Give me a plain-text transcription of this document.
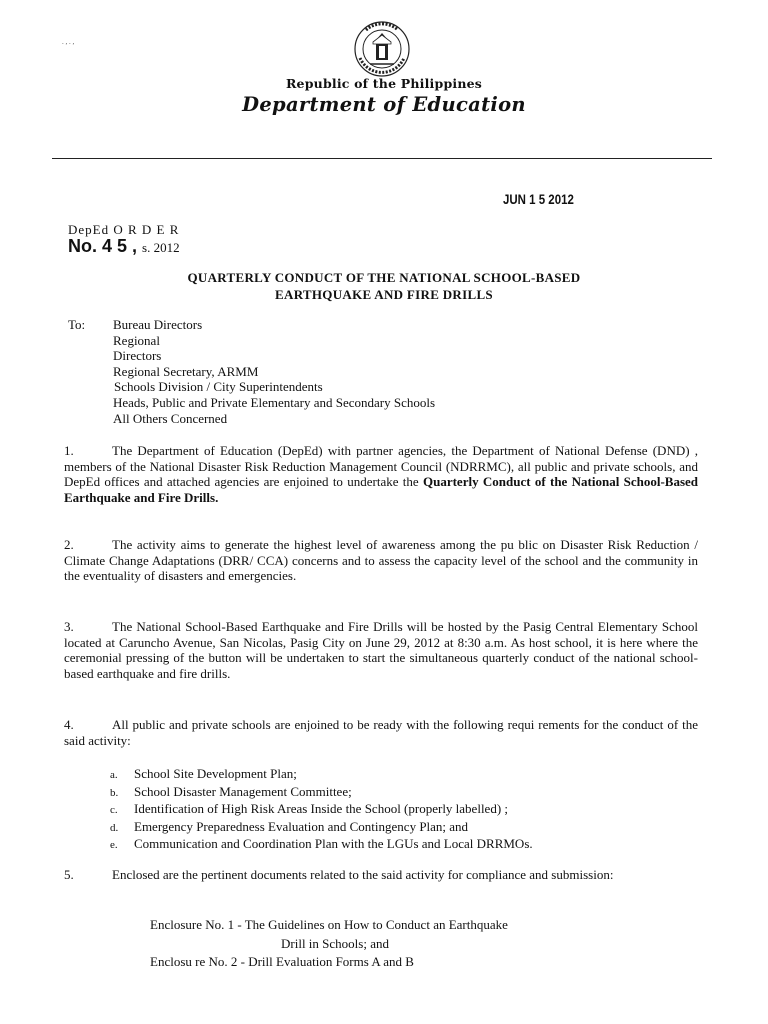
. , . ,
Republic of the Philippines
Department of Education
JUN 1 5 2012
DepEd O R D E R
No. 4 5 , s. 2012
QUARTERLY CONDUCT OF THE NATIONAL SCHOOL-BASED
EARTHQUAKE AND FIRE DRILLS
To: Bureau Directors
Regional
Directors
Regional Secretary, ARMM
Schools Division / City Superintendents
Heads, Public and Private Elementary and Secondary Schools
All Others Concerned
1.	The Department of Education (DepEd) with partner agencies, the Department of National Defense (DND) , members of the National Disaster Risk Reduction Management Council (NDRRMC), all public and private schools, and DepEd offices and attached agencies are enjoined to undertake the Quarterly Conduct of the National School-Based Earthquake and Fire Drills.
2.	The activity aims to generate the highest level of awareness among the pu blic on Disaster Risk Reduction / Climate Change Adaptations (DRR/ CCA) concerns and to assess the capacity level of the school and the community in the eventuality of disasters and emergencies.
3.	The National School-Based Earthquake and Fire Drills will be hosted by the Pasig Central Elementary School located at Caruncho Avenue, San Nicolas, Pasig City on June 29, 2012 at 8:30 a.m. As host school, it is here where the ceremonial pressing of the button will be undertaken to start the simultaneous quarterly conduct of the national school-based earthquake and fire drills.
4.	All public and private schools are enjoined to be ready with the following requi rements for the conduct of the said activity:
a. School Site Development Plan;
b. School Disaster Management Committee;
c. Identification of High Risk Areas Inside the School (properly labelled) ;
d. Emergency Preparedness Evaluation and Contingency Plan; and
e. Communication and Coordination Plan with the LGUs and Local DRRMOs.
5.	Enclosed are the pertinent documents related to the said activity for compliance and submission:
Enclosure No. 1 - The Guidelines on How to Conduct an Earthquake
Drill in Schools; and
Enclosu re No. 2 - Drill Evaluation Forms A and B
